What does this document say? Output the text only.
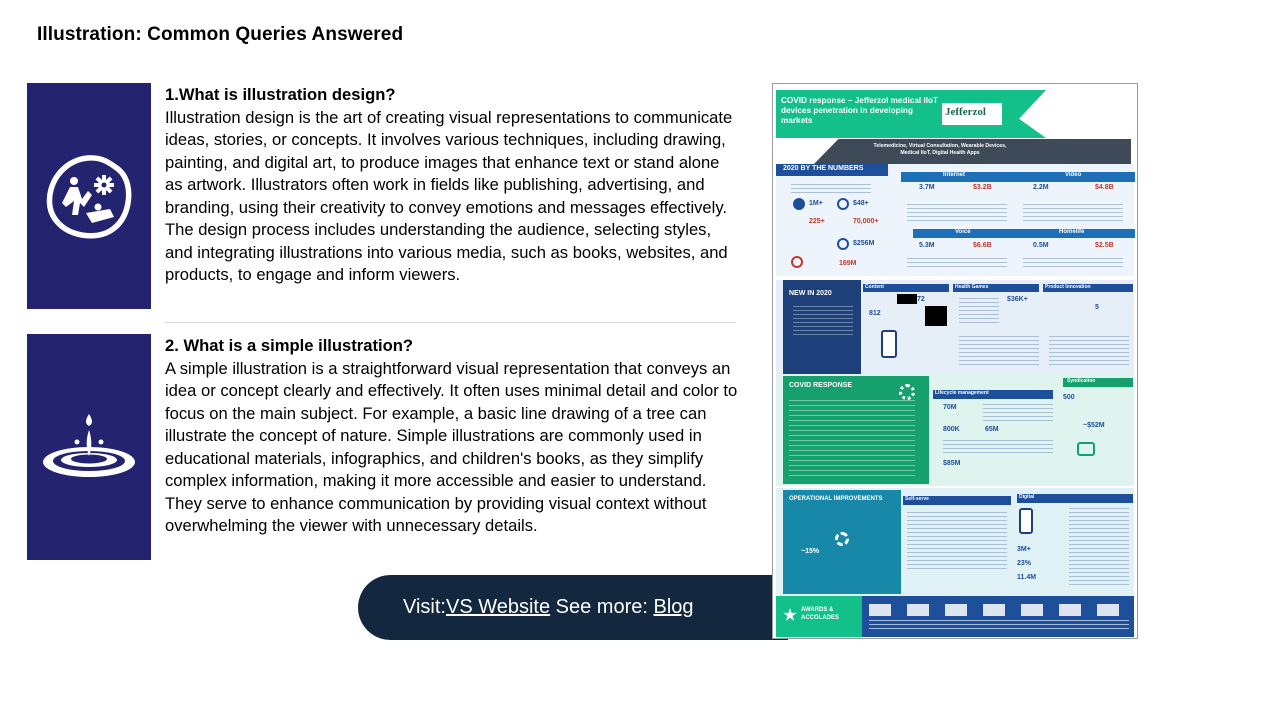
Illustration: Common Queries Answered
1.What is illustration design?
Illustration design is the art of creating visual representations to communicate ideas, stories, or concepts. It involves various techniques, including drawing, painting, and digital art, to produce images that enhance text or stand alone as artwork. Illustrators often work in fields like publishing, advertising, and branding, using their creativity to convey emotions and messages effectively. The design process includes understanding the audience, selecting styles, and integrating illustrations into various media, such as books, websites, and products, to engage and inform viewers.
2. What is a simple illustration?
A simple illustration is a straightforward visual representation that conveys an idea or concept clearly and effectively. It often uses minimal detail and color to focus on the main subject. For example, a basic line drawing of a tree can illustrate the concept of nature. Simple illustrations are commonly used in educational materials, infographics, and children's books, as they simplify complex information, making it more accessible and easier to understand. They serve to enhance communication by providing visual context without overwhelming the viewer with unnecessary details.
Visit: VS Website See more: Blog
COVID response – Jefferzol medical IIoT devices penetration in developing markets
Jefferzol
Telemedicine, Virtual Consultation, Wearable Devices, Medical IIoT, Digital Health Apps
2020 BY THE NUMBERS
Internet	Video
1M+	$48+
225+	70,000+
$256M
169M
3.7M	$3.2B	2.2M	$4.8B
Voice	Homelife
5.3M	$6.6B	0.5M	$2.5B
NEW IN 2020
Content	Health Games	Product Innovation
72
812
$36K+
5
COVID RESPONSE
Lifecycle management
Syndication
70M
800K	65M
$85M
500
~$52M
OPERATIONAL IMPROVEMENTS
~15%
Self-serve	Digital
3M+
23%
11.4M
AWARDS & ACCOLADES
